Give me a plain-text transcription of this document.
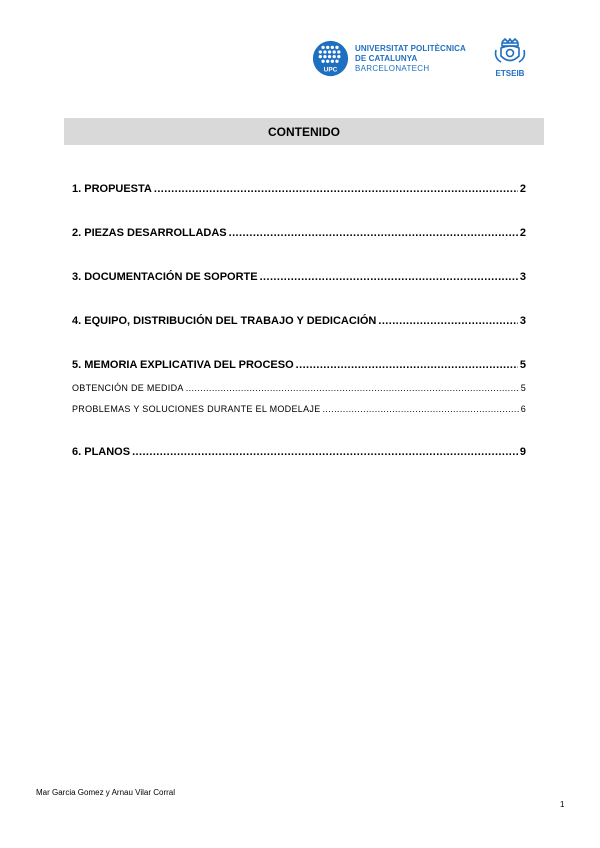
UPC
UNIVERSITAT POLITÈCNICA
DE CATALUNYA
BARCELONATECH
ETSEIB
CONTENIDO
1. PROPUESTA .....	2
2. PIEZAS DESARROLLADAS .....	2
3. DOCUMENTACIÓN DE SOPORTE .....	3
4. EQUIPO, DISTRIBUCIÓN DEL TRABAJO Y DEDICACIÓN .....	3
5. MEMORIA EXPLICATIVA DEL PROCESO .....	5
OBTENCIÓN DE MEDIDA .....	5
PROBLEMAS Y SOLUCIONES DURANTE EL MODELAJE .....	6
6. PLANOS .....	9
Mar Garcia Gomez y Arnau Vilar Corral
1
